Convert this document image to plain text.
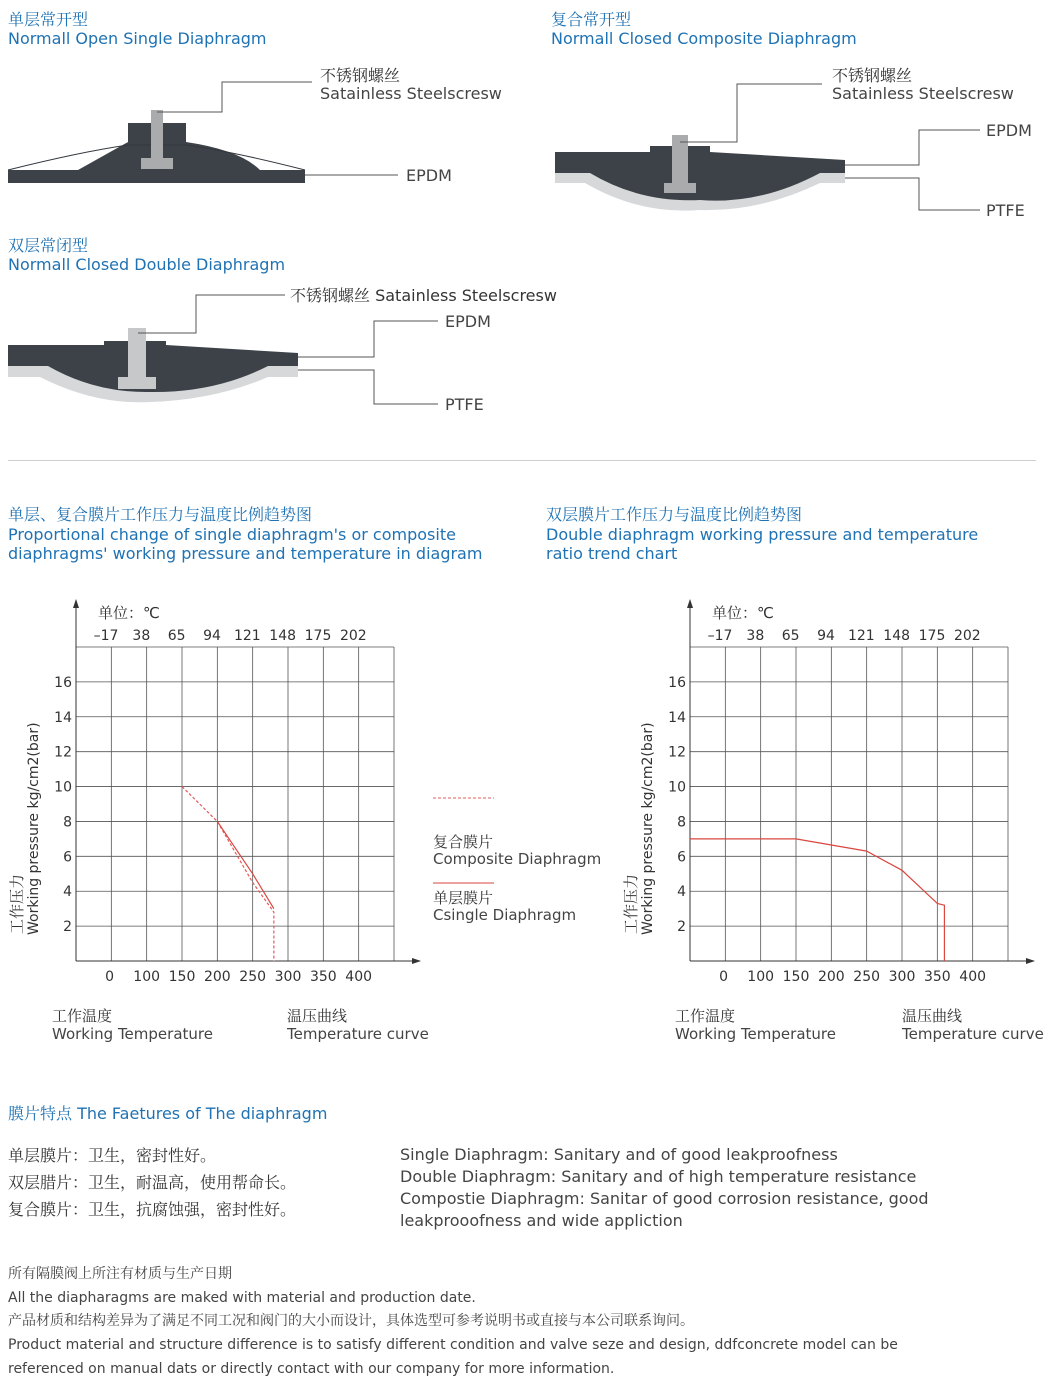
单层常开型
Normall Open Single Diaphragm
不锈钢螺丝
Satainless Steelscresw
EPDM
复合常开型
Normall Closed Composite Diaphragm
不锈钢螺丝
Satainless Steelscresw
EPDM
PTFE
双层常闭型
Normall Closed Double Diaphragm
不锈钢螺丝 Satainless Steelscresw
EPDM
PTFE
单层、复合膜片工作压力与温度比例趋势图
Proportional change of single diaphragm's or composite
diaphragms' working pressure and temperature in diagram
双层膜片工作压力与温度比例趋势图
Double diaphragm working pressure and temperature
ratio trend chart
单位：℃
–17 38 65 94 121 148 175 202
0 100 150 200 250 300 350 400
2
4
6
8
10
12
14
16
工作压力 Working pressure kg/cm2(bar)
工作温度
Working Temperature
温压曲线
Temperature curve
复合膜片
Composite Diaphragm
单层膜片
Csingle Diaphragm
单位：℃
–17 38 65 94 121 148 175 202
0 100 150 200 250 300 350 400
2
4
6
8
10
12
14
16
工作压力 Working pressure kg/cm2(bar)
工作温度
Working Temperature
温压曲线
Temperature curve
膜片特点 The Faetures of The diaphragm
单层膜片：卫生，密封性好。
双层腊片：卫生，耐温高，使用帮命长。
复合膜片：卫生，抗腐蚀强，密封性好。
Single Diaphragm: Sanitary and of good leakproofness
Double Diaphragm: Sanitary and of high temperature resistance
Compostie Diaphragm: Sanitar of good corrosion resistance, good
leakprooofness and wide appliction
所有隔膜阀上所注有材质与生产日期
All the diapharagms are maked with material and production date.
产品材质和结构差异为了满足不同工况和阀门的大小而设计，具体选型可参考说明书或直接与本公司联系询问。
Product material and structure difference is to satisfy different condition and valve seze and design, ddfconcrete model can be
referenced on manual dats or directly contact with our company for more information.
